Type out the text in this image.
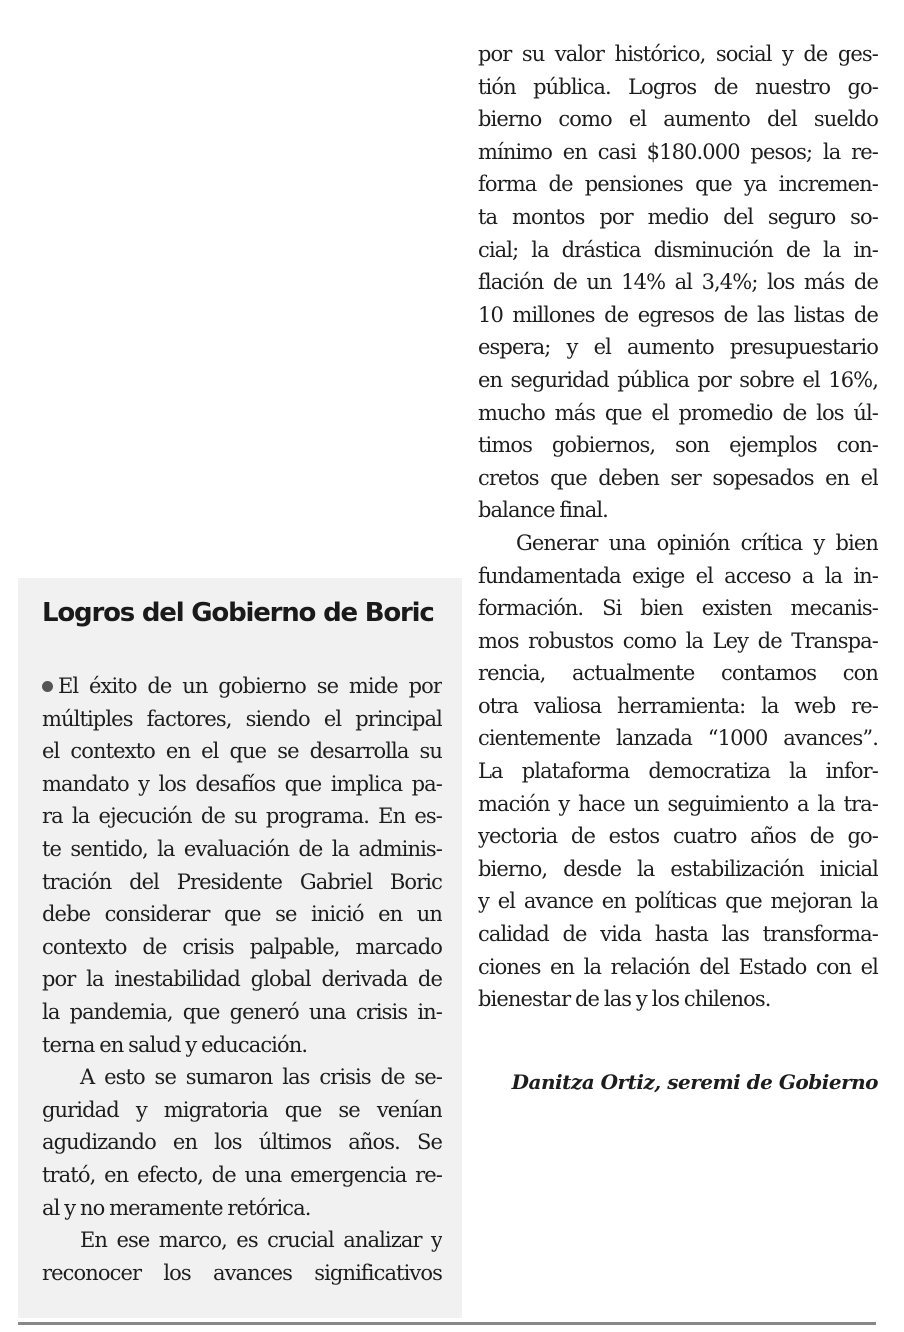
Logros del Gobierno de Boric

El éxito de un gobierno se mide por
múltiples factores, siendo el principal
el contexto en el que se desarrolla su
mandato y los desafíos que implica pa-
ra la ejecución de su programa. En es-
te sentido, la evaluación de la adminis-
tración del Presidente Gabriel Boric
debe considerar que se inició en un
contexto de crisis palpable, marcado
por la inestabilidad global derivada de
la pandemia, que generó una crisis in-
terna en salud y educación.

A esto se sumaron las crisis de se-
guridad y migratoria que se venían
agudizando en los últimos años. Se
trató, en efecto, de una emergencia re-
al y no meramente retórica.

En ese marco, es crucial analizar y
reconocer los avances significativos

por su valor histórico, social y de ges-
tión pública. Logros de nuestro go-
bierno como el aumento del sueldo
mínimo en casi $180.000 pesos; la re-
forma de pensiones que ya incremen-
ta montos por medio del seguro so-
cial; la drástica disminución de la in-
flación de un 14% al 3,4%; los más de
10 millones de egresos de las listas de
espera; y el aumento presupuestario
en seguridad pública por sobre el 16%,
mucho más que el promedio de los úl-
timos gobiernos, son ejemplos con-
cretos que deben ser sopesados en el
balance final.

Generar una opinión crítica y bien
fundamentada exige el acceso a la in-
formación. Si bien existen mecanis-
mos robustos como la Ley de Transpa-
rencia, actualmente contamos con
otra valiosa herramienta: la web re-
cientemente lanzada “1000 avances”.
La plataforma democratiza la infor-
mación y hace un seguimiento a la tra-
yectoria de estos cuatro años de go-
bierno, desde la estabilización inicial
y el avance en políticas que mejoran la
calidad de vida hasta las transforma-
ciones en la relación del Estado con el
bienestar de las y los chilenos.

Danitza Ortiz, seremi de Gobierno
